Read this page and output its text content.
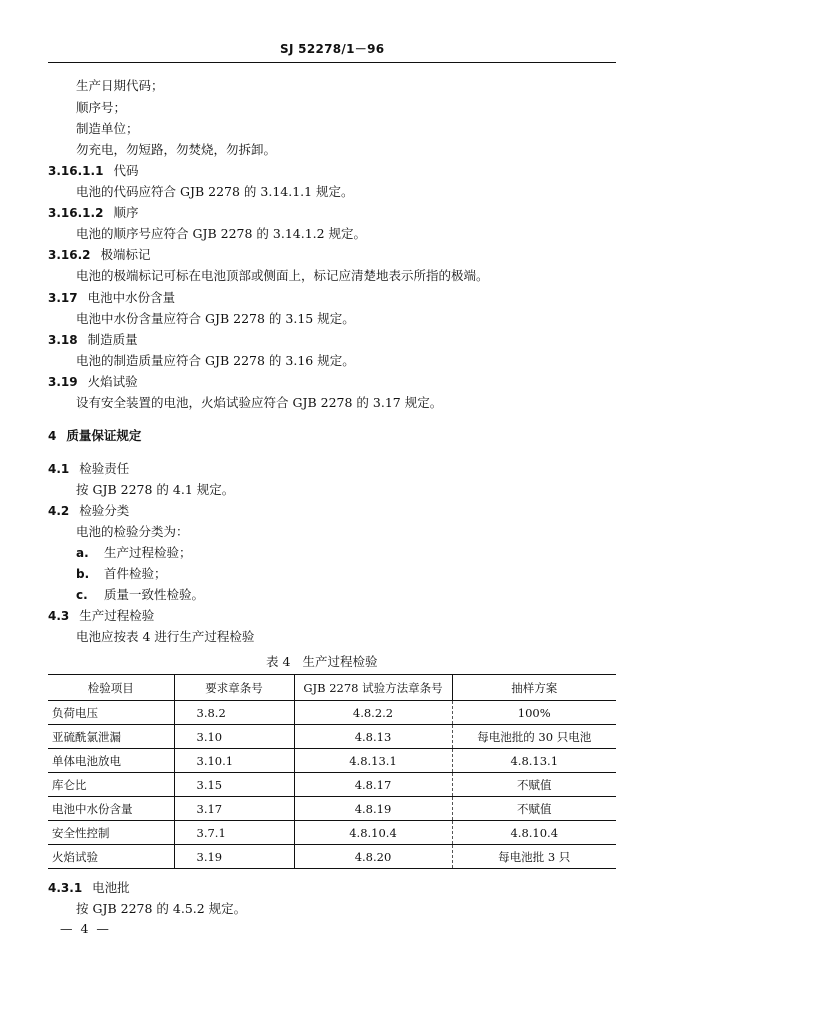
SJ 52278/1－96
生产日期代码；
顺序号；
制造单位；
勿充电，勿短路，勿焚烧，勿拆卸。
3.16.1.1 代码
电池的代码应符合 GJB 2278 的 3.14.1.1 规定。
3.16.1.2 顺序
电池的顺序号应符合 GJB 2278 的 3.14.1.2 规定。
3.16.2 极端标记
电池的极端标记可标在电池顶部或侧面上，标记应清楚地表示所指的极端。
3.17 电池中水份含量
电池中水份含量应符合 GJB 2278 的 3.15 规定。
3.18 制造质量
电池的制造质量应符合 GJB 2278 的 3.16 规定。
3.19 火焰试验
设有安全装置的电池，火焰试验应符合 GJB 2278 的 3.17 规定。
4 质量保证规定
4.1 检验责任
按 GJB 2278 的 4.1 规定。
4.2 检验分类
电池的检验分类为：
a. 生产过程检验；
b. 首件检验；
c. 质量一致性检验。
4.3 生产过程检验
电池应按表 4 进行生产过程检验
表 4 生产过程检验
检验项目	要求章条号	GJB 2278 试验方法章条号	抽样方案
负荷电压	3.8.2	4.8.2.2	100%
亚硫酰氯泄漏	3.10	4.8.13	每电池批的 30 只电池
单体电池放电	3.10.1	4.8.13.1	4.8.13.1
库仑比	3.15	4.8.17	不赋值
电池中水份含量	3.17	4.8.19	不赋值
安全性控制	3.7.1	4.8.10.4	4.8.10.4
火焰试验	3.19	4.8.20	每电池批 3 只
4.3.1 电池批
按 GJB 2278 的 4.5.2 规定。
— 4 —
